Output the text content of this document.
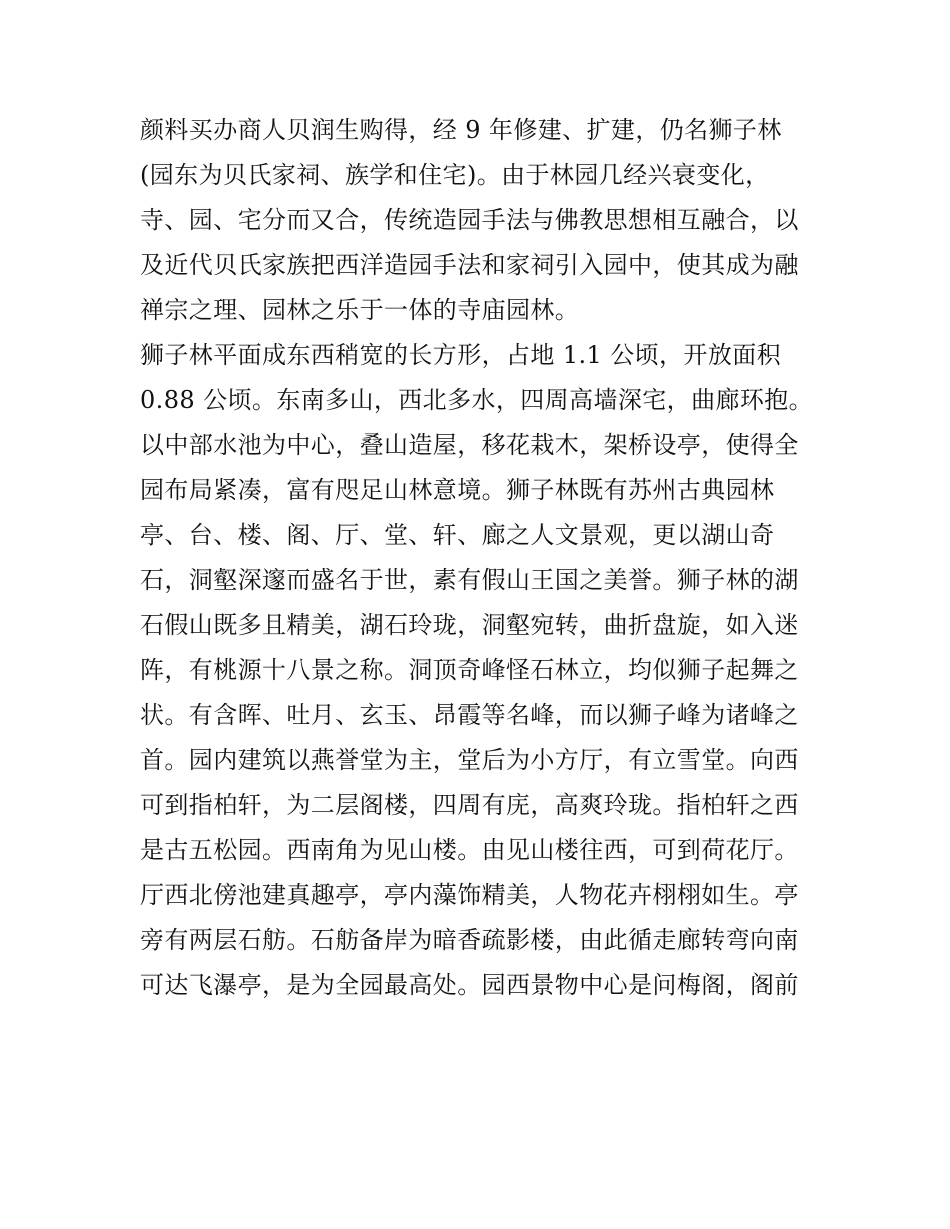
颜料买办商人贝润生购得，经 9 年修建、扩建，仍名狮子林
(园东为贝氏家祠、族学和住宅)。由于林园几经兴衰变化，
寺、园、宅分而又合，传统造园手法与佛教思想相互融合，以
及近代贝氏家族把西洋造园手法和家祠引入园中，使其成为融
禅宗之理、园林之乐于一体的寺庙园林。
狮子林平面成东西稍宽的长方形，占地 1.1 公顷，开放面积
0.88 公顷。东南多山，西北多水，四周高墙深宅，曲廊环抱。
以中部水池为中心，叠山造屋，移花栽木，架桥设亭，使得全
园布局紧凑，富有咫足山林意境。狮子林既有苏州古典园林
亭、台、楼、阁、厅、堂、轩、廊之人文景观，更以湖山奇
石，洞壑深邃而盛名于世，素有假山王国之美誉。狮子林的湖
石假山既多且精美，湖石玲珑，洞壑宛转，曲折盘旋，如入迷
阵，有桃源十八景之称。洞顶奇峰怪石林立，均似狮子起舞之
状。有含晖、吐月、玄玉、昂霞等名峰，而以狮子峰为诸峰之
首。园内建筑以燕誉堂为主，堂后为小方厅，有立雪堂。向西
可到指柏轩，为二层阁楼，四周有庑，高爽玲珑。指柏轩之西
是古五松园。西南角为见山楼。由见山楼往西，可到荷花厅。
厅西北傍池建真趣亭，亭内藻饰精美，人物花卉栩栩如生。亭
旁有两层石舫。石舫备岸为暗香疏影楼，由此循走廊转弯向南
可达飞瀑亭，是为全园最高处。园西景物中心是问梅阁，阁前
